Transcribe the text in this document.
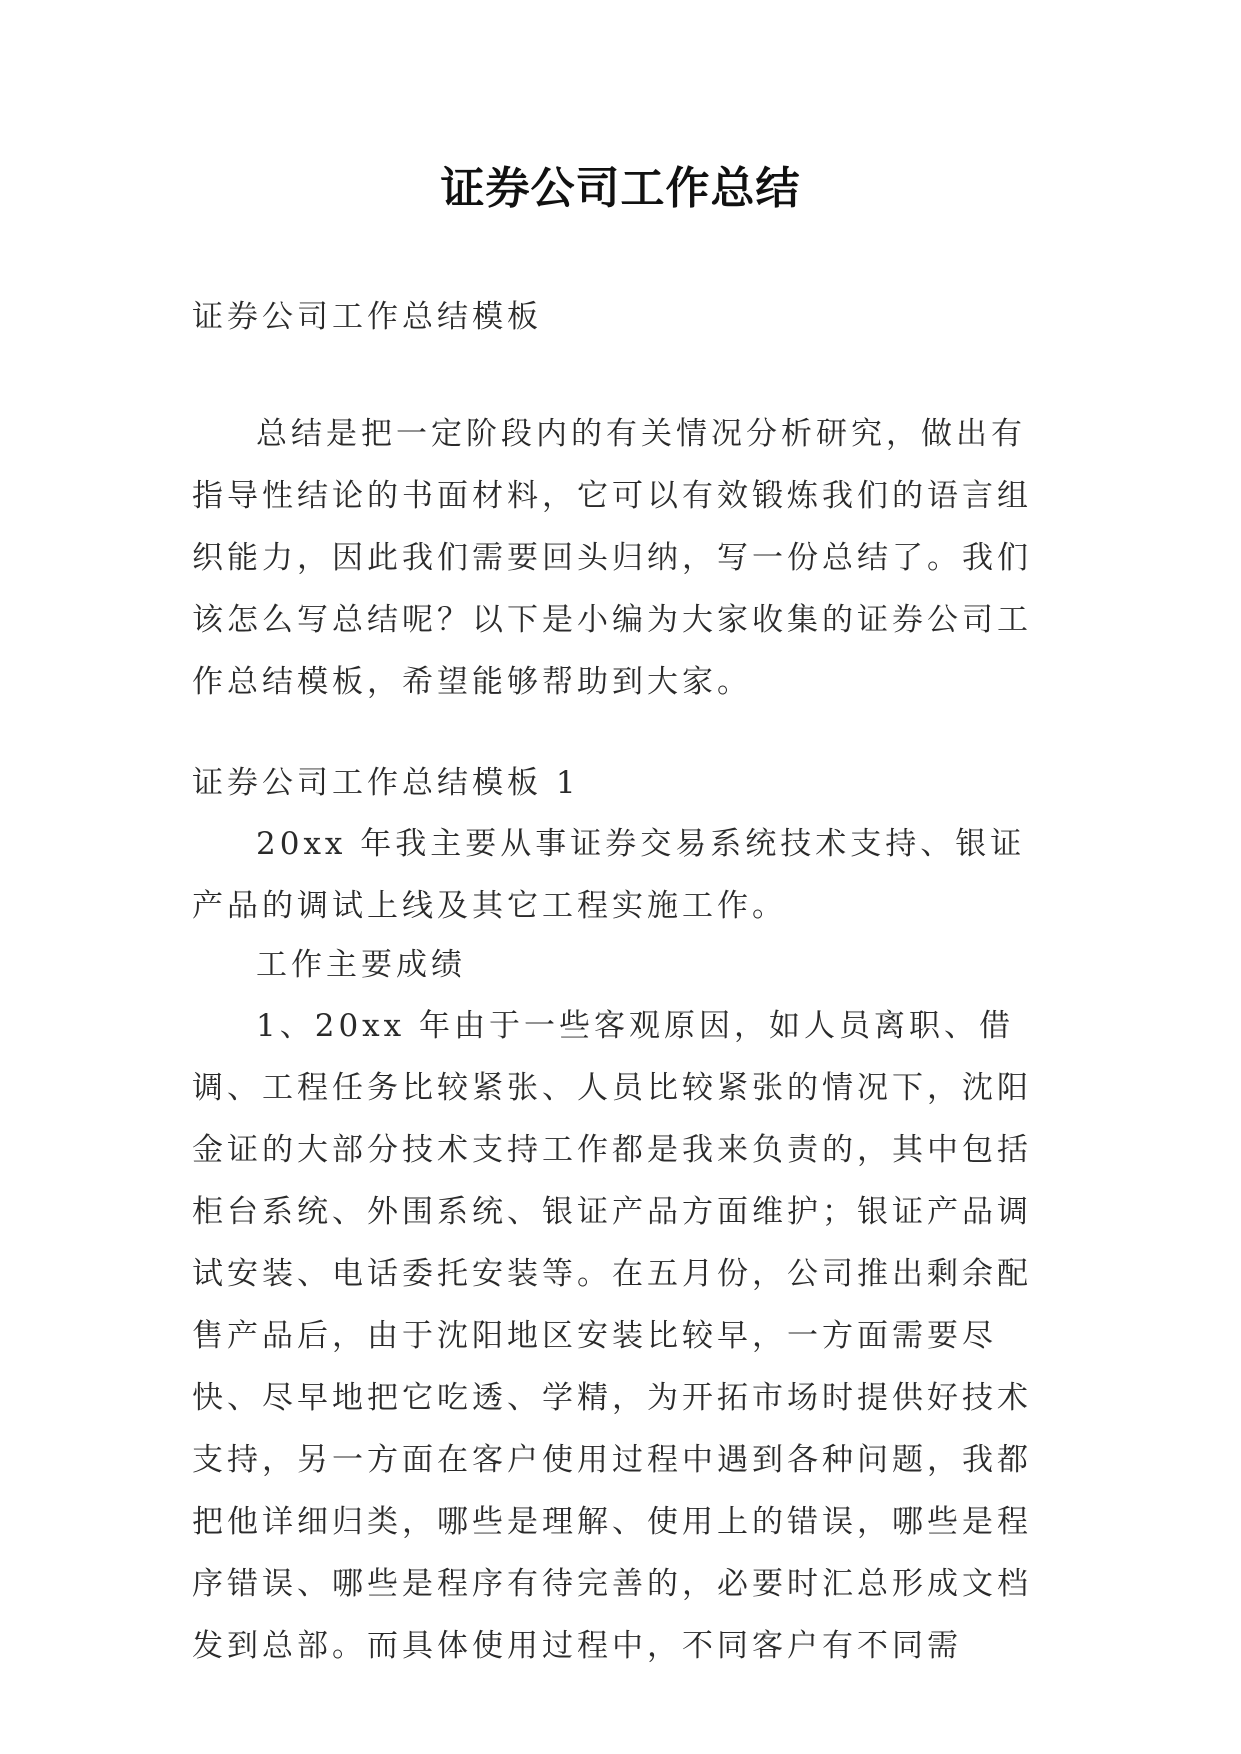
证券公司工作总结

证券公司工作总结模板

总结是把一定阶段内的有关情况分析研究，做出有指导性结论的书面材料，它可以有效锻炼我们的语言组织能力，因此我们需要回头归纳，写一份总结了。我们该怎么写总结呢？以下是小编为大家收集的证券公司工作总结模板，希望能够帮助到大家。

证券公司工作总结模板 1

20xx 年我主要从事证券交易系统技术支持、银证产品的调试上线及其它工程实施工作。

工作主要成绩

1、20xx 年由于一些客观原因，如人员离职、借调、工程任务比较紧张、人员比较紧张的情况下，沈阳金证的大部分技术支持工作都是我来负责的，其中包括柜台系统、外围系统、银证产品方面维护；银证产品调试安装、电话委托安装等。在五月份，公司推出剩余配售产品后，由于沈阳地区安装比较早，一方面需要尽快、尽早地把它吃透、学精，为开拓市场时提供好技术支持，另一方面在客户使用过程中遇到各种问题，我都把他详细归类，哪些是理解、使用上的错误，哪些是程序错误、哪些是程序有待完善的，必要时汇总形成文档发到总部。而具体使用过程中，不同客户有不同需
